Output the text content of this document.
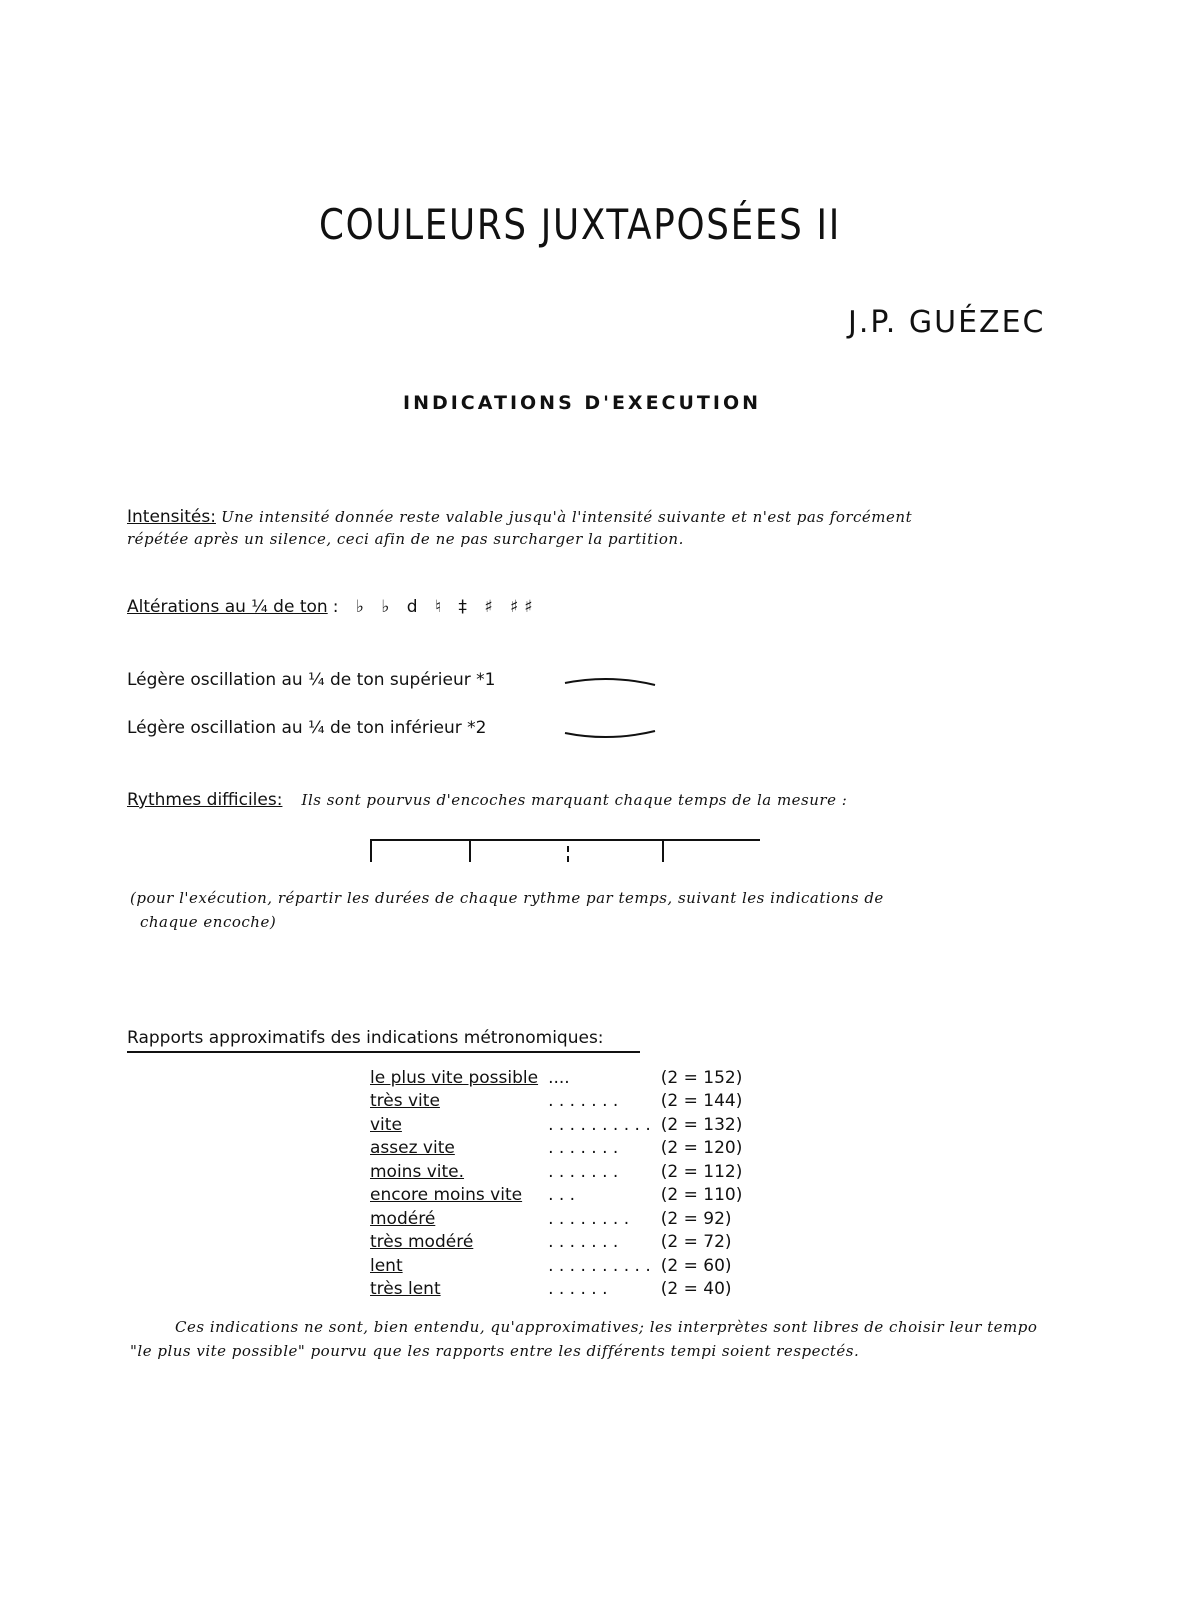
COULEURS JUXTAPOSÉES II
J.P. GUÉZEC
INDICATIONS D'EXECUTION
Intensités: Une intensité donnée reste valable jusqu'à l'intensité suivante et n'est pas forcément
répétée après un silence, ceci afin de ne pas surcharger la partition.
Altérations au ¼ de ton : ♭ ♭ d ♮ ‡ ♯ ♯♯
Légère oscillation au ¼ de ton supérieur *1
Légère oscillation au ¼ de ton inférieur *2
Rythmes difficiles: Ils sont pourvus d'encoches marquant chaque temps de la mesure :
(pour l'exécution, répartir les durées de chaque rythme par temps, suivant les indications de
chaque encoche)
Rapports approximatifs des indications métronomiques:
le plus vite possible ....	(2 = 152)
très vite	. . . . . . .	(2 = 144)
vite	. . . . . . . . . . (2 = 132)
assez vite	. . . . . . .	(2 = 120)
moins vite.	. . . . . . .	(2 = 112)
encore moins vite	. . .	(2 = 110)
modéré	. . . . . . . .	(2 = 92)
très modéré	. . . . . . .	(2 = 72)
lent	. . . . . . . . . . (2 = 60)
très lent	. . . . . .	(2 = 40)
Ces indications ne sont, bien entendu, qu'approximatives; les interprètes sont libres de choisir leur tempo
"le plus vite possible" pourvu que les rapports entre les différents tempi soient respectés.
